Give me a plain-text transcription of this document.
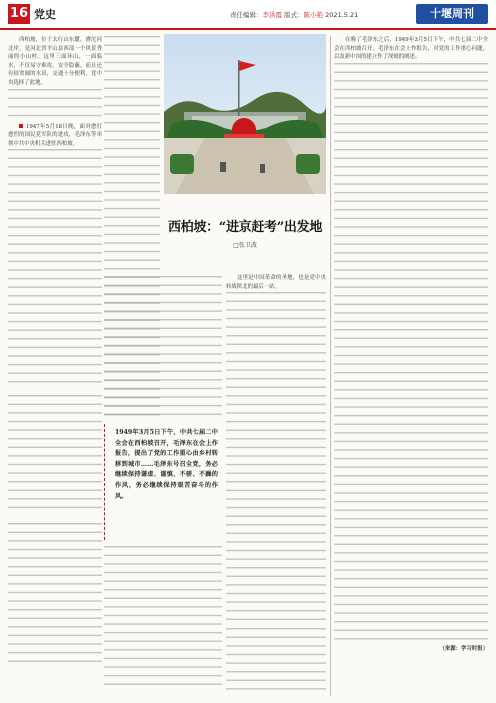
16 党史	责任编辑：李洪霞 版式：陈小艳 2021.5.21	十堰周刊

西柏坡，位于太行山东麓，滹沱河北岸，是河北省平山县西部一个风景秀丽的小山村。这里三面环山，一面临水，不仅易守难攻，安全隐蔽，而且还有较宽阔的水田，交通十分便利，党中央选择了此地。

1947年5月18日晚，面对愈打愈烈的国民党军队的进攻，毛泽东等率领中共中央机关进驻西柏坡。

西柏坡：“进京赶考”出发地
□张卫波

这里是中国革命的圣地，也是党中央转战陕北的最后一站。

1949年3月5日下午，中共七届二中全会在西柏坡召开，毛泽东在会上作报告，提出了党的工作重心由乡村转移到城市……毛泽东号召全党，务必继续保持谦虚、谨慎、不骄、不躁的作风，务必继续保持艰苦奋斗的作风。

在晚了毛泽东之后，1949年3月5日下午，中共七届二中全会在西柏坡召开。毛泽东在会上作报告，对党的工作重心问题，以及新中国的建立作了深刻的阐述。

（来源：学习时报）
